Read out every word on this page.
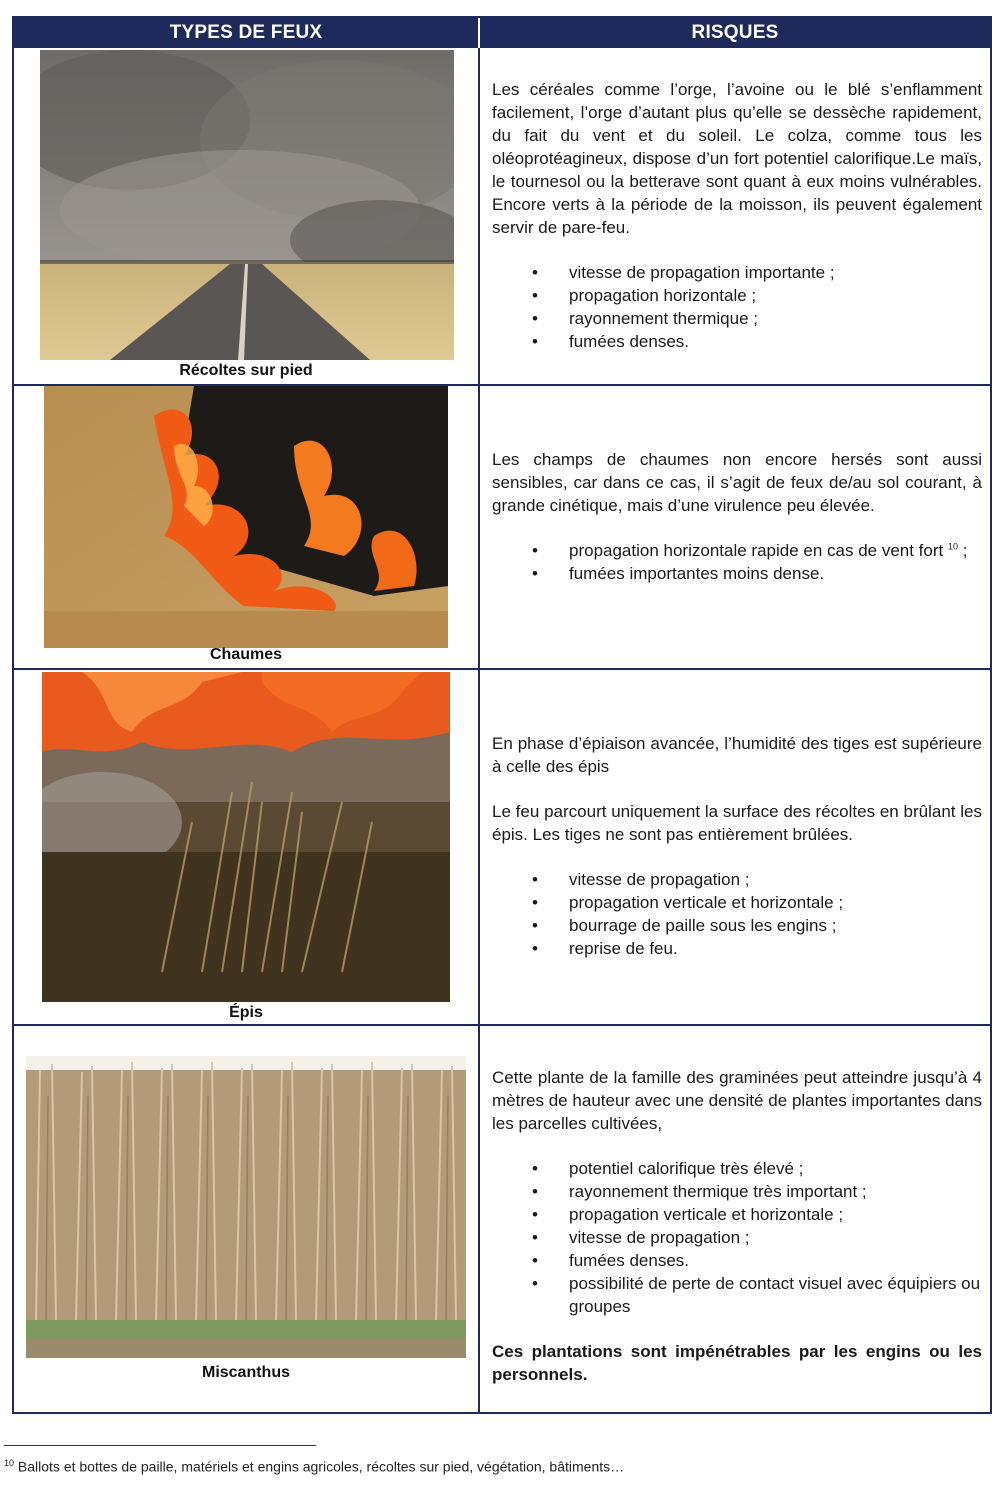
TYPES DE FEUX	RISQUES
Récoltes sur pied

Les céréales comme l’orge, l’avoine ou le blé s’enflamment facilement, l’orge d’autant plus qu’elle se dessèche rapidement, du fait du vent et du soleil. Le colza, comme tous les oléoprotéagineux, dispose d’un fort potentiel calorifique.Le maïs, le tournesol ou la betterave sont quant à eux moins vulnérables. Encore verts à la période de la moisson, ils peuvent également servir de pare-feu.

• vitesse de propagation importante ;
• propagation horizontale ;
• rayonnement thermique ;
• fumées denses.
Chaumes

Les champs de chaumes non encore hersés sont aussi sensibles, car dans ce cas, il s’agit de feux de/au sol courant, à grande cinétique, mais d’une virulence peu élevée.

• propagation horizontale rapide en cas de vent fort $^{10}$ ;
• fumées importantes moins dense.
Épis

En phase d’épiaison avancée, l’humidité des tiges est supérieure à celle des épis

Le feu parcourt uniquement la surface des récoltes en brûlant les épis. Les tiges ne sont pas entièrement brûlées.

• vitesse de propagation ;
• propagation verticale et horizontale ;
• bourrage de paille sous les engins ;
• reprise de feu.
Miscanthus

Cette plante de la famille des graminées peut atteindre jusqu’à 4 mètres de hauteur avec une densité de plantes importantes dans les parcelles cultivées,

• potentiel calorifique très élevé ;
• rayonnement thermique très important ;
• propagation verticale et horizontale ;
• vitesse de propagation ;
• fumées denses.
• possibilité de perte de contact visuel avec équipiers ou groupes

Ces plantations sont impénétrables par les engins ou les personnels.

$^{10}$ Ballots et bottes de paille, matériels et engins agricoles, récoltes sur pied, végétation, bâtiments…
